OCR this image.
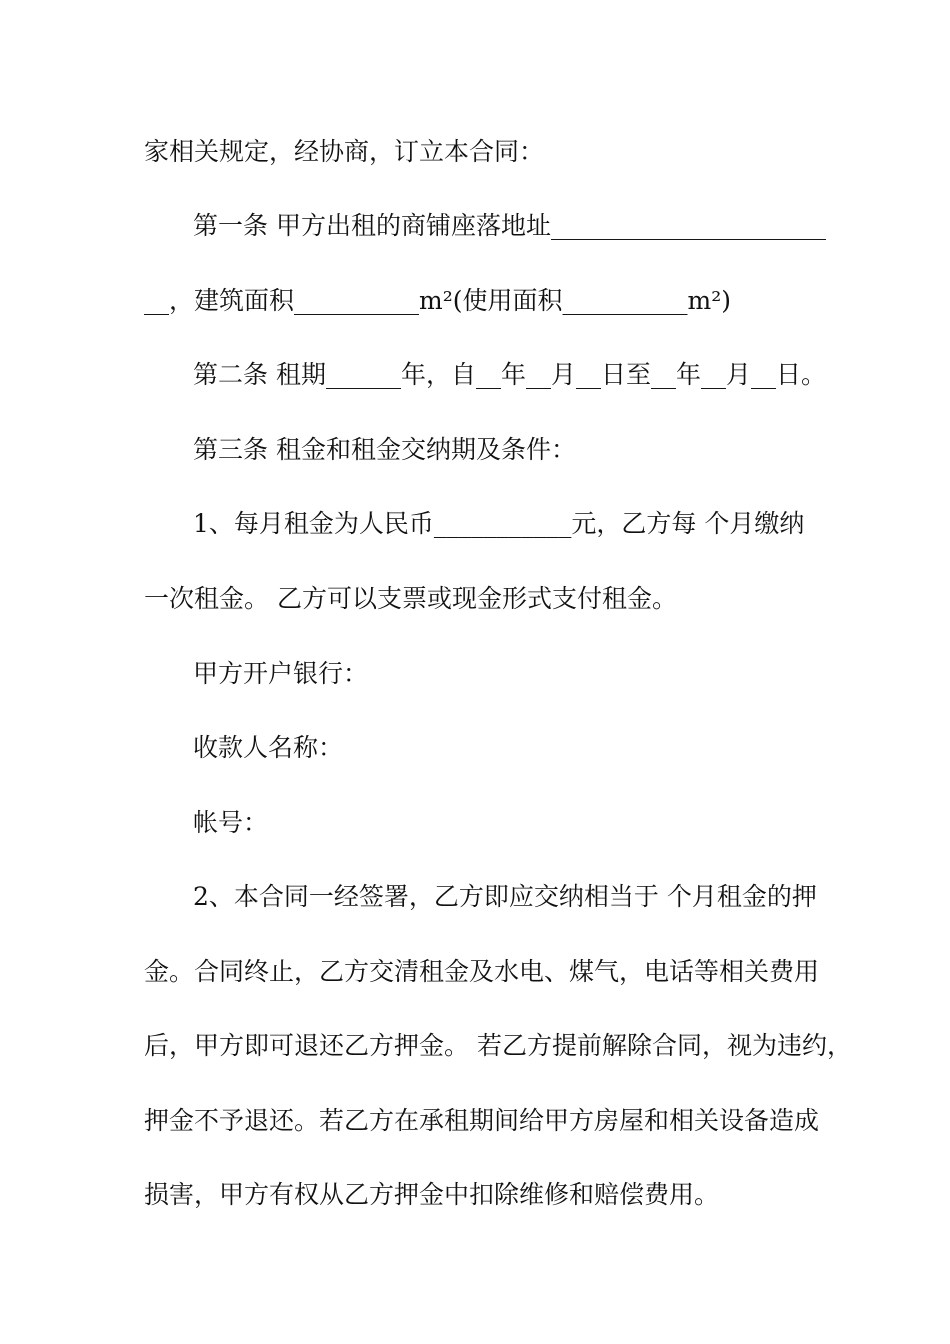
家相关规定，经协商，订立本合同：
第一条 甲方出租的商铺座落地址______________________
__，建筑面积__________m²(使用面积__________m²)
第二条 租期______年，自__年__月__日至__年__月__日。
第三条 租金和租金交纳期及条件：
1、每月租金为人民币___________元，乙方每 个月缴纳
一次租金。 乙方可以支票或现金形式支付租金。
甲方开户银行：
收款人名称：
帐号：
2、本合同一经签署，乙方即应交纳相当于 个月租金的押
金。合同终止，乙方交清租金及水电、煤气，电话等相关费用
后，甲方即可退还乙方押金。 若乙方提前解除合同，视为违约，
押金不予退还。若乙方在承租期间给甲方房屋和相关设备造成
损害，甲方有权从乙方押金中扣除维修和赔偿费用。
